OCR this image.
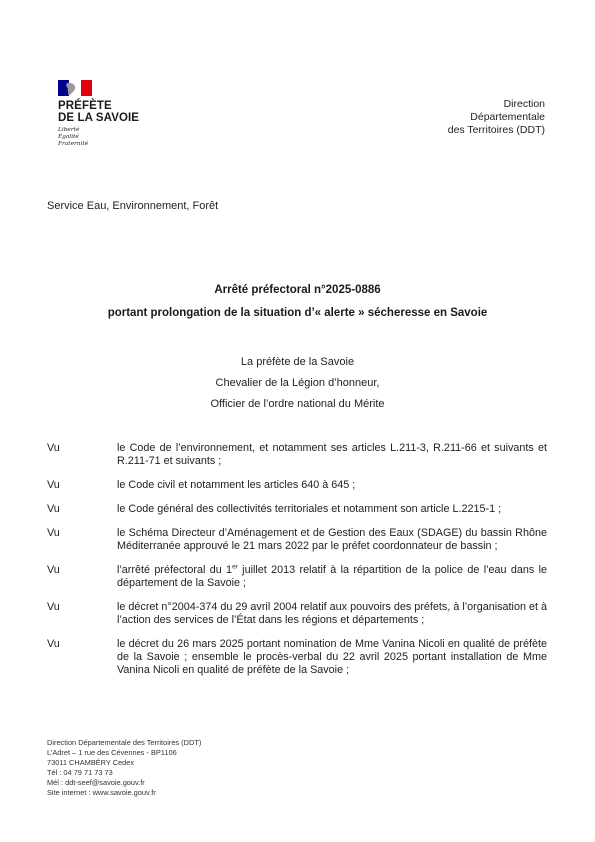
PRÉFÈTE
DE LA SAVOIE
Liberté
Égalité
Fraternité
Direction
Départementale
des Territoires (DDT)
Service Eau, Environnement, Forêt
Arrêté préfectoral n°2025-0886
portant prolongation de la situation d’« alerte » sécheresse en Savoie
La préfète de la Savoie
Chevalier de la Légion d’honneur,
Officier de l’ordre national du Mérite
Vu	le Code de l’environnement, et notamment ses articles L.211-3, R.211-66 et suivants et R.211-71 et suivants ;
Vu	le Code civil et notamment les articles 640 à 645 ;
Vu	le Code général des collectivités territoriales et notamment son article L.2215-1 ;
Vu	le Schéma Directeur d’Aménagement et de Gestion des Eaux (SDAGE) du bassin Rhône Méditerranée approuvé le 21 mars 2022 par le préfet coordonnateur de bassin ;
Vu	l’arrêté préfectoral du 1er juillet 2013 relatif à la répartition de la police de l’eau dans le département de la Savoie ;
Vu	le décret n°2004-374 du 29 avril 2004 relatif aux pouvoirs des préfets, à l’organisation et à l’action des services de l’État dans les régions et départements ;
Vu	le décret du 26 mars 2025 portant nomination de Mme Vanina Nicoli en qualité de préfète de la Savoie ; ensemble le procès-verbal du 22 avril 2025 portant installation de Mme Vanina Nicoli en qualité de préfète de la Savoie ;
Direction Départementale des Territoires (DDT)
L’Adret – 1 rue des Cévennes - BP1106
73011 CHAMBÉRY Cedex
Tél : 04 79 71 73 73
Mél : ddt-seef@savoie.gouv.fr
Site internet : www.savoie.gouv.fr
